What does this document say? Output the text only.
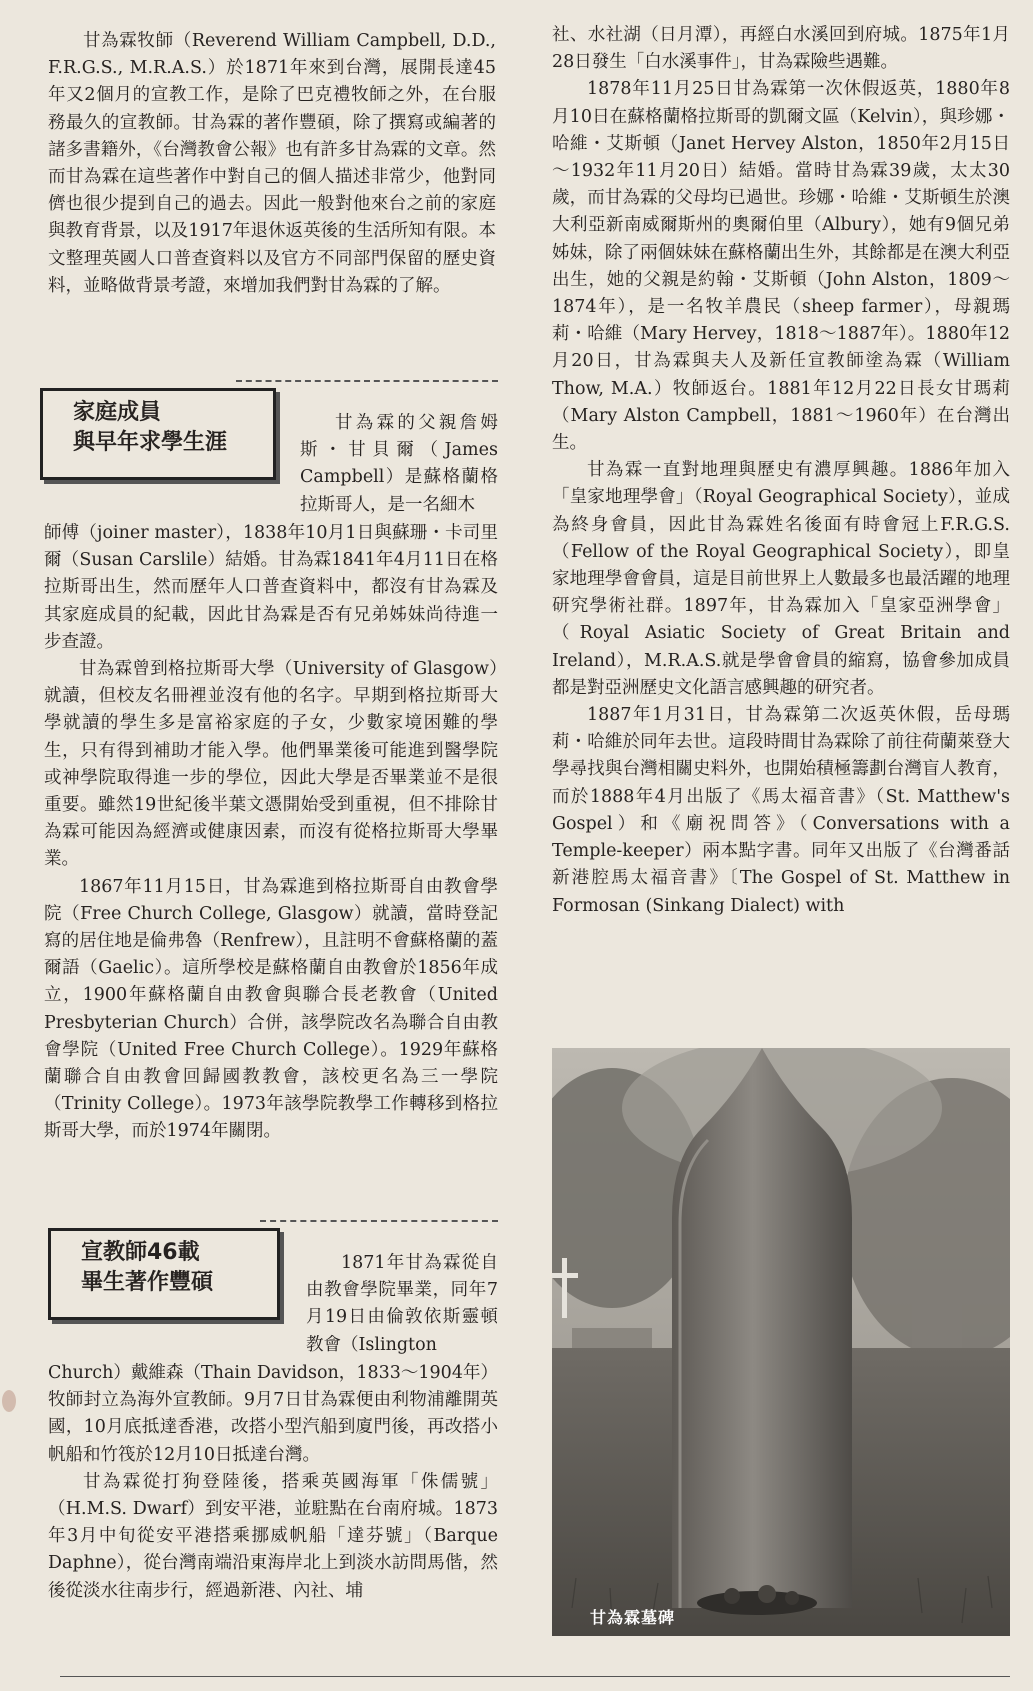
甘為霖牧師（Reverend William Campbell, D.D., F.R.G.S., M.R.A.S.）於1871年來到台灣，展開長達45年又2個月的宣教工作，是除了巴克禮牧師之外，在台服務最久的宣教師。甘為霖的著作豐碩，除了撰寫或編著的諸多書籍外，《台灣教會公報》也有許多甘為霖的文章。然而甘為霖在這些著作中對自己的個人描述非常少，他對同儕也很少提到自己的過去。因此一般對他來台之前的家庭與教育背景，以及1917年退休返英後的生活所知有限。本文整理英國人口普查資料以及官方不同部門保留的歷史資料，並略做背景考證，來增加我們對甘為霖的了解。

家庭成員
與早年求學生涯

甘為霖的父親詹姆斯・甘貝爾（James Campbell）是蘇格蘭格拉斯哥人，是一名細木

師傅（joiner master），1838年10月1日與蘇珊・卡司里爾（Susan Carslile）結婚。甘為霖1841年4月11日在格拉斯哥出生，然而歷年人口普查資料中，都沒有甘為霖及其家庭成員的紀載，因此甘為霖是否有兄弟姊妹尚待進一步查證。

甘為霖曾到格拉斯哥大學（University of Glasgow）就讀，但校友名冊裡並沒有他的名字。早期到格拉斯哥大學就讀的學生多是富裕家庭的子女，少數家境困難的學生，只有得到補助才能入學。他們畢業後可能進到醫學院或神學院取得進一步的學位，因此大學是否畢業並不是很重要。雖然19世紀後半葉文憑開始受到重視，但不排除甘為霖可能因為經濟或健康因素，而沒有從格拉斯哥大學畢業。

1867年11月15日，甘為霖進到格拉斯哥自由教會學院（Free Church College, Glasgow）就讀，當時登記寫的居住地是倫弗魯（Renfrew），且註明不會蘇格蘭的蓋爾語（Gaelic）。這所學校是蘇格蘭自由教會於1856年成立，1900年蘇格蘭自由教會與聯合長老教會（United Presbyterian Church）合併，該學院改名為聯合自由教會學院（United Free Church College）。1929年蘇格蘭聯合自由教會回歸國教教會，該校更名為三一學院（Trinity College）。1973年該學院教學工作轉移到格拉斯哥大學，而於1974年關閉。

宣教師46載
畢生著作豐碩

1871年甘為霖從自由教會學院畢業，同年7月19日由倫敦依斯靈頓教會（Islington

Church）戴維森（Thain Davidson，1833～1904年）牧師封立為海外宣教師。9月7日甘為霖便由利物浦離開英國，10月底抵達香港，改搭小型汽船到廈門後，再改搭小帆船和竹筏於12月10日抵達台灣。

甘為霖從打狗登陸後，搭乘英國海軍「侏儒號」（H.M.S. Dwarf）到安平港，並駐點在台南府城。1873年3月中旬從安平港搭乘挪威帆船「達芬號」（Barque Daphne），從台灣南端沿東海岸北上到淡水訪問馬偕，然後從淡水往南步行，經過新港、內社、埔

社、水社湖（日月潭），再經白水溪回到府城。1875年1月28日發生「白水溪事件」，甘為霖險些遇難。

1878年11月25日甘為霖第一次休假返英，1880年8月10日在蘇格蘭格拉斯哥的凱爾文區（Kelvin），與珍娜・哈維・艾斯頓（Janet Hervey Alston，1850年2月15日～1932年11月20日）結婚。當時甘為霖39歲，太太30歲，而甘為霖的父母均已過世。珍娜・哈維・艾斯頓生於澳大利亞新南威爾斯州的奧爾伯里（Albury），她有9個兄弟姊妹，除了兩個妹妹在蘇格蘭出生外，其餘都是在澳大利亞出生，她的父親是約翰・艾斯頓（John Alston，1809～1874年），是一名牧羊農民（sheep farmer），母親瑪莉・哈維（Mary Hervey，1818～1887年）。1880年12月20日，甘為霖與夫人及新任宣教師塗為霖（William Thow, M.A.）牧師返台。1881年12月22日長女甘瑪莉（Mary Alston Campbell，1881～1960年）在台灣出生。

甘為霖一直對地理與歷史有濃厚興趣。1886年加入「皇家地理學會」（Royal Geographical Society），並成為終身會員，因此甘為霖姓名後面有時會冠上F.R.G.S.（Fellow of the Royal Geographical Society），即皇家地理學會會員，這是目前世界上人數最多也最活躍的地理研究學術社群。1897年，甘為霖加入「皇家亞洲學會」（Royal Asiatic Society of Great Britain and Ireland），M.R.A.S.就是學會會員的縮寫，協會參加成員都是對亞洲歷史文化語言感興趣的研究者。

1887年1月31日，甘為霖第二次返英休假，岳母瑪莉・哈維於同年去世。這段時間甘為霖除了前往荷蘭萊登大學尋找與台灣相關史料外，也開始積極籌劃台灣盲人教育，而於1888年4月出版了《馬太福音書》（St. Matthew's Gospel）和《廟祝問答》（Conversations with a Temple-keeper）兩本點字書。同年又出版了《台灣番話新港腔馬太福音書》〔The Gospel of St. Matthew in Formosan (Sinkang Dialect) with

甘為霖墓碑
